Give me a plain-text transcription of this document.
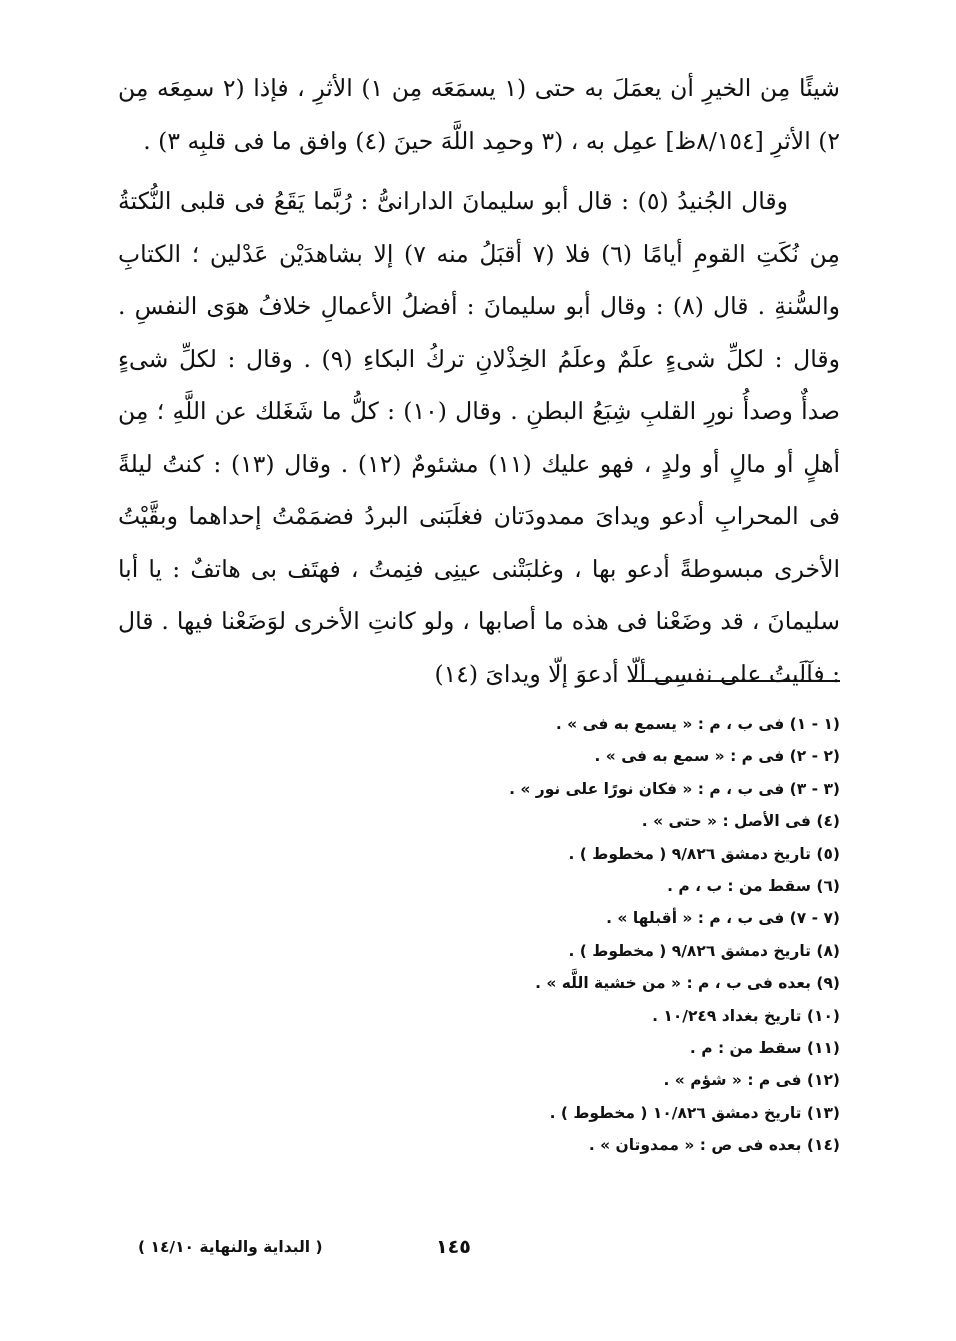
شيئًا مِن الخيرِ أن يعمَلَ به حتى (١ يسمَعَه مِن ١) الأثرِ ، فإذا (٢ سمِعَه مِن ٢) الأثرِ [٨/١٥٤ظ] عمِل به ، (٣ وحمِد اللَّهَ حينَ (٤) وافق ما فى قلبِه ٣) .

وقال الجُنيدُ (٥) : قال أبو سليمانَ الدارانىُّ : رُبَّما يَقَعُ فى قلبى النُّكتةُ مِن نُكَتِ القومِ أيامًا (٦) فلا (٧ أقبَلُ منه ٧) إلا بشاهدَيْن عَدْلين ؛ الكتابِ والسُّنةِ . قال (٨) : وقال أبو سليمانَ : أفضلُ الأعمالِ خلافُ هوَى النفسِ . وقال : لكلِّ شىءٍ علَمٌ وعلَمُ الخِذْلانِ تركُ البكاءِ (٩) . وقال : لكلِّ شىءٍ صدأٌ وصدأُ نورِ القلبِ شِبَعُ البطنِ . وقال (١٠) : كلُّ ما شَغَلك عن اللَّهِ ؛ مِن أهلٍ أو مالٍ أو ولدٍ ، فهو عليك (١١) مشئومٌ (١٢) . وقال (١٣) : كنتُ ليلةً فى المحرابِ أدعو ويداىَ ممدودَتان فغلَبَنى البردُ فضمَمْتُ إحداهما وبقَّيْتُ الأخرى مبسوطةً أدعو بها ، وغلبَتْنى عينِى فنِمتُ ، فهتَف بى هاتفٌ : يا أبا سليمانَ ، قد وضَعْنا فى هذه ما أصابها ، ولو كانتِ الأخرى لوَضَعْنا فيها . قال : فآلَيتُ على نفسِى ألّا أدعوَ إلّا ويداىَ (١٤)

(١ - ١) فى ب ، م : « يسمع به فى » .
(٢ - ٢) فى م : « سمع به فى » .
(٣ - ٣) فى ب ، م : « فكان نورًا على نور » .
(٤) فى الأصل : « حتى » .
(٥) تاريخ دمشق ٩/٨٢٦ ( مخطوط ) .
(٦) سقط من : ب ، م .
(٧ - ٧) فى ب ، م : « أقبلها » .
(٨) تاريخ دمشق ٩/٨٢٦ ( مخطوط ) .
(٩) بعده فى ب ، م : « من خشية اللَّه » .
(١٠) تاريخ بغداد ١٠/٢٤٩ .
(١١) سقط من : م .
(١٢) فى م : « شؤم » .
(١٣) تاريخ دمشق ١٠/٨٢٦ ( مخطوط ) .
(١٤) بعده فى ص : « ممدوتان » .
( البداية والنهاية ١٤/١٠ )	١٤٥
